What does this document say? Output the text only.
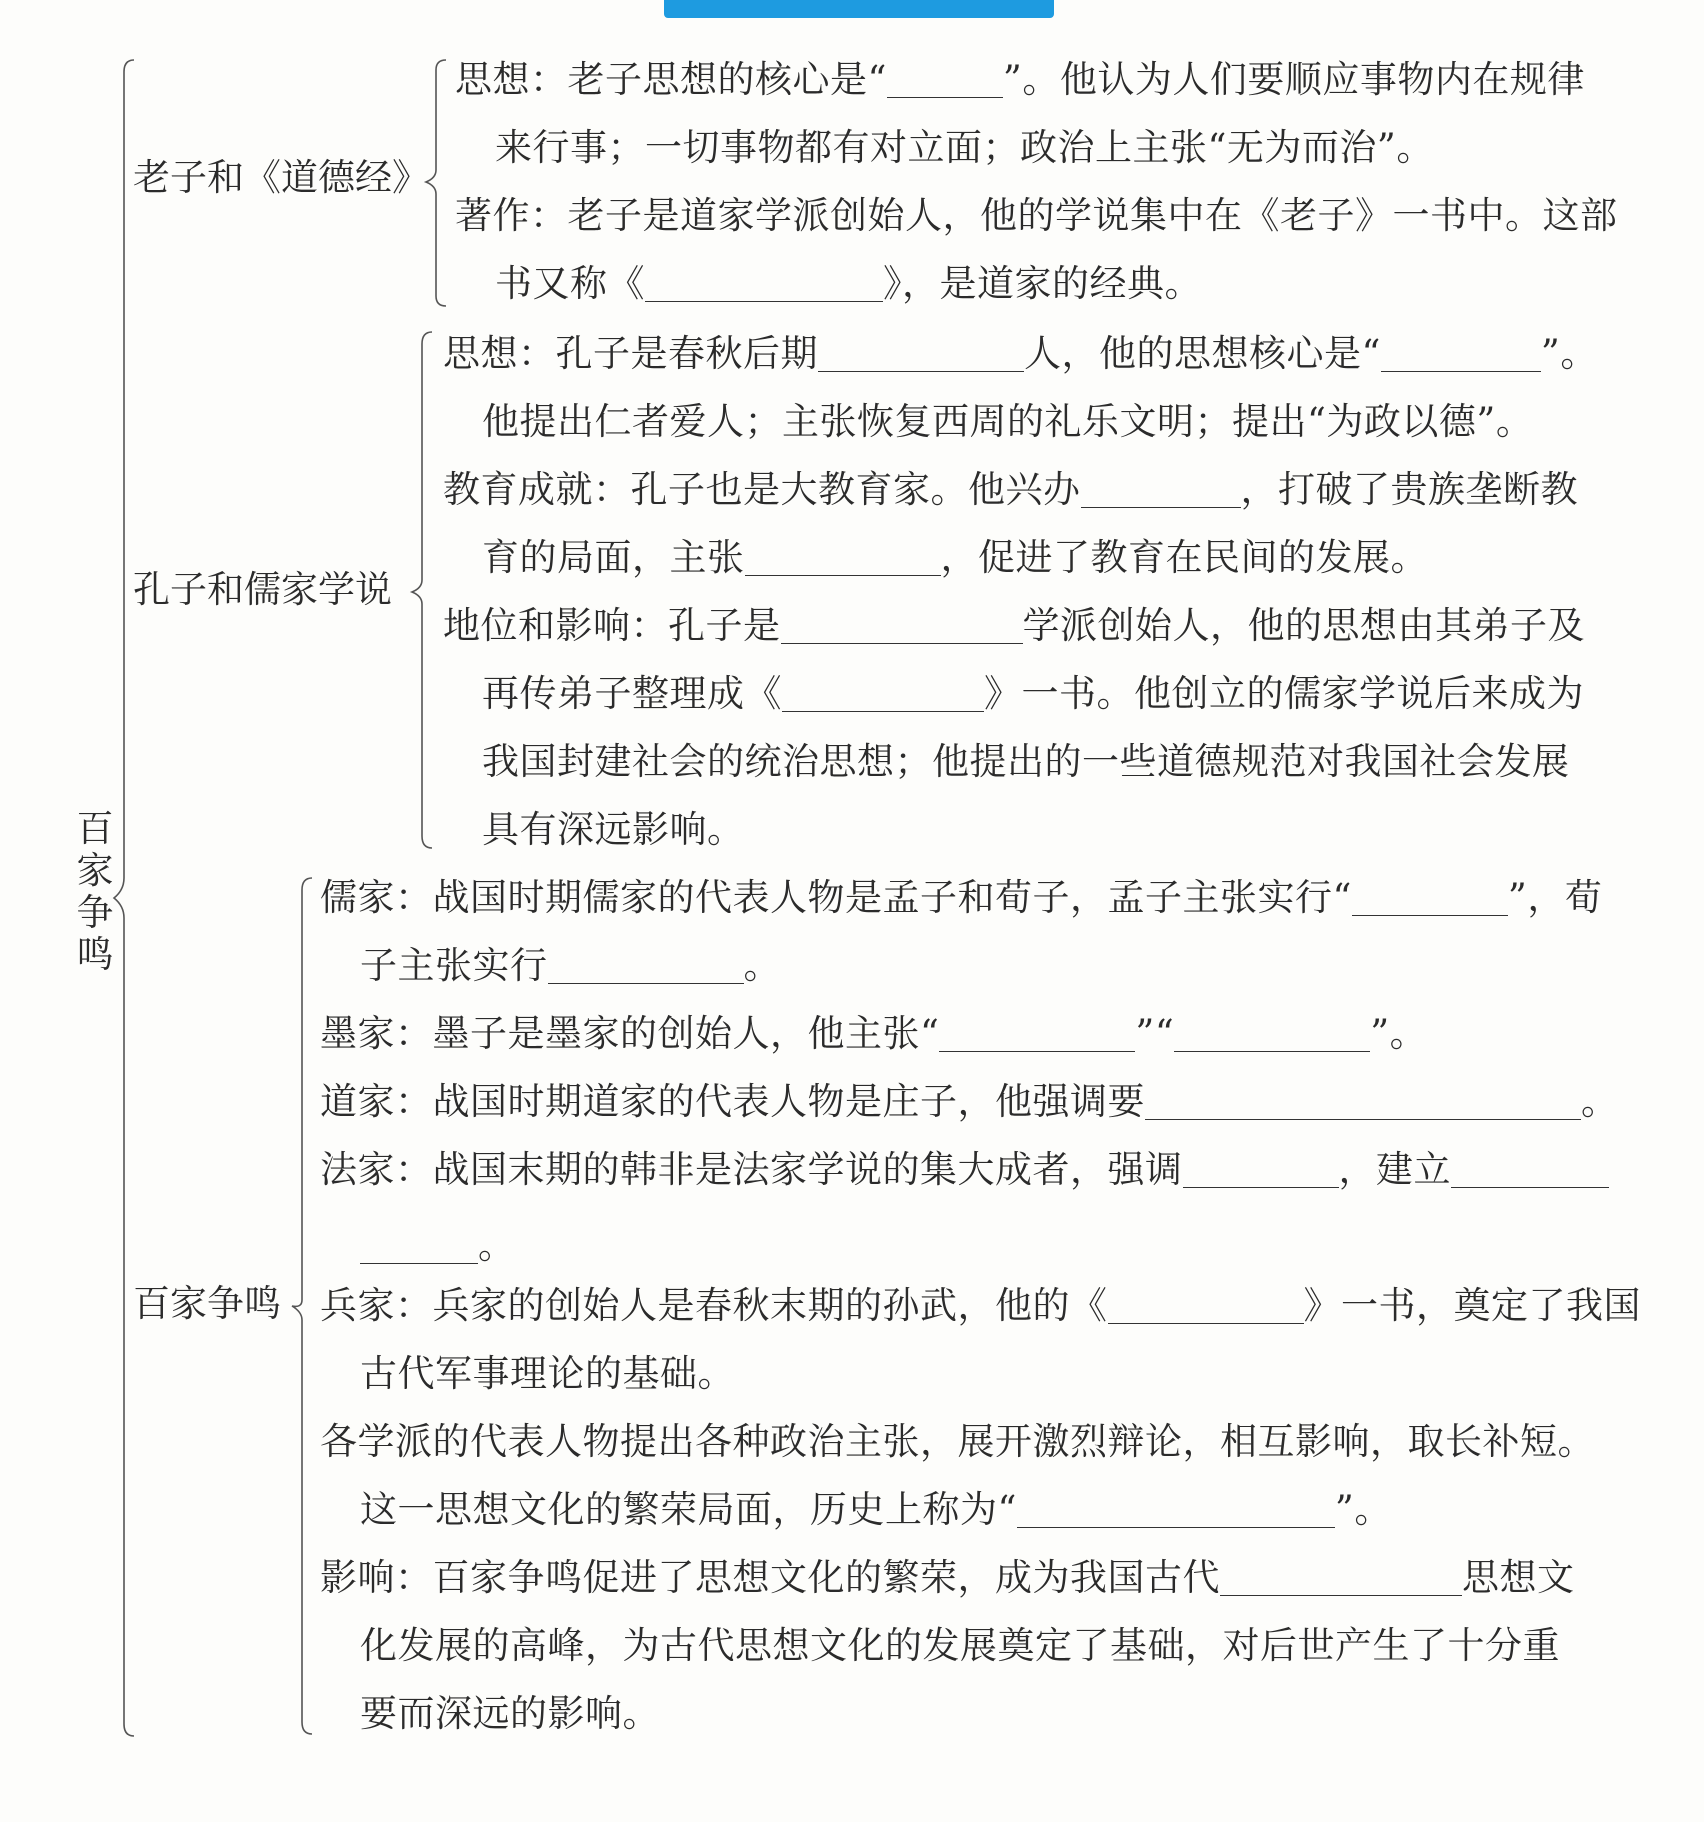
百
家
争
鸣
老子和《道德经》
思想：老子思想的核心是“	”。他认为人们要顺应事物内在规律
来行事；一切事物都有对立面；政治上主张“无为而治”。
著作：老子是道家学派创始人，他的学说集中在《老子》一书中。这部
书又称《	》，是道家的经典。
孔子和儒家学说
思想：孔子是春秋后期	人，他的思想核心是“	”。
他提出仁者爱人；主张恢复西周的礼乐文明；提出“为政以德”。
教育成就：孔子也是大教育家。他兴办	，打破了贵族垄断教
育的局面，主张	，促进了教育在民间的发展。
地位和影响：孔子是	学派创始人，他的思想由其弟子及
再传弟子整理成《	》一书。他创立的儒家学说后来成为
我国封建社会的统治思想；他提出的一些道德规范对我国社会发展
具有深远影响。
百家争鸣
儒家：战国时期儒家的代表人物是孟子和荀子，孟子主张实行“	”，荀
子主张实行	。
墨家：墨子是墨家的创始人，他主张“	”“	”。
道家：战国时期道家的代表人物是庄子，他强调要	。
法家：战国末期的韩非是法家学说的集大成者，强调	，建立
。
兵家：兵家的创始人是春秋末期的孙武，他的《	》一书，奠定了我国
古代军事理论的基础。
各学派的代表人物提出各种政治主张，展开激烈辩论，相互影响，取长补短。
这一思想文化的繁荣局面，历史上称为“	”。
影响：百家争鸣促进了思想文化的繁荣，成为我国古代	思想文
化发展的高峰，为古代思想文化的发展奠定了基础，对后世产生了十分重
要而深远的影响。
